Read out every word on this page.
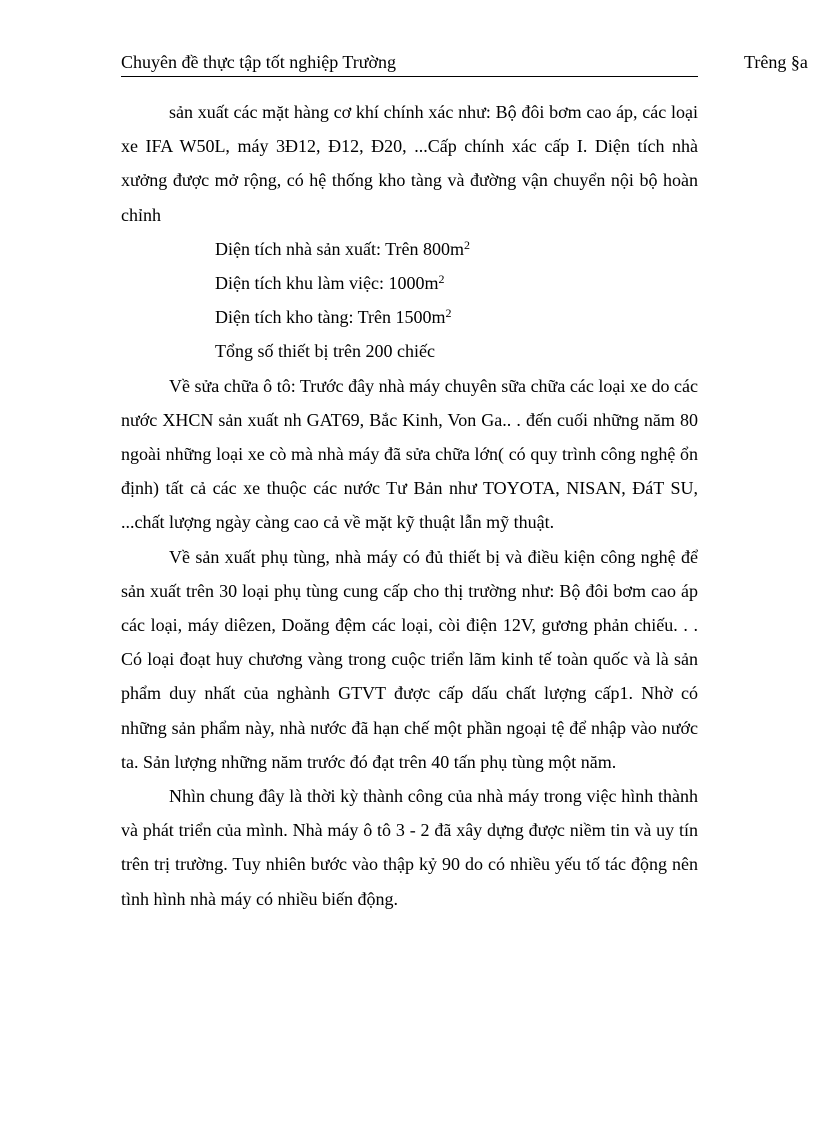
Chuyên đề thực tập tốt nghiệp Trường	Trêng §a

sản xuất các mặt hàng cơ khí chính xác như: Bộ đôi bơm cao áp, các loại xe IFA W50L, máy 3Đ12, Đ12, Đ20, ...Cấp chính xác cấp I. Diện tích nhà xưởng được mở rộng, có hệ thống kho tàng và đường vận chuyển nội bộ hoàn chỉnh

Diện tích nhà sản xuất: Trên $800m^2$
Diện tích khu làm việc: $1000m^2$
Diện tích kho tàng: Trên $1500m^2$
Tổng số thiết bị trên 200 chiếc

Về sửa chữa ô tô: Trước đây nhà máy chuyên sữa chữa các loại xe do các nước XHCN sản xuất nh GAT69, Bắc Kinh, Von Ga.. . đến cuối những năm 80 ngoài những loại xe cò mà nhà máy đã sửa chữa lớn( có quy trình công nghệ ổn định) tất cả các xe thuộc các nước Tư Bản như TOYOTA, NISAN, ĐáT SU, ...chất lượng ngày càng cao cả về mặt kỹ thuật lẫn mỹ thuật.

Về sản xuất phụ tùng, nhà máy có đủ thiết bị và điều kiện công nghệ để sản xuất trên 30 loại phụ tùng cung cấp cho thị trường như: Bộ đôi bơm cao áp các loại, máy diêzen, Doăng đệm các loại, còi điện 12V, gương phản chiếu. . . Có loại đoạt huy chương vàng trong cuộc triển lãm kinh tế toàn quốc và là sản phẩm duy nhất của nghành GTVT được cấp dấu chất lượng cấp1. Nhờ có những sản phẩm này, nhà nước đã hạn chế một phần ngoại tệ để nhập vào nước ta. Sản lượng những năm trước đó đạt trên 40 tấn phụ tùng một năm.

Nhìn chung đây là thời kỳ thành công của nhà máy trong việc hình thành và phát triển của mình. Nhà máy ô tô 3 - 2 đã xây dựng được niềm tin và uy tín trên trị trường. Tuy nhiên bước vào thập kỷ 90 do có nhiều yếu tố tác động nên tình hình nhà máy có nhiều biến động.
